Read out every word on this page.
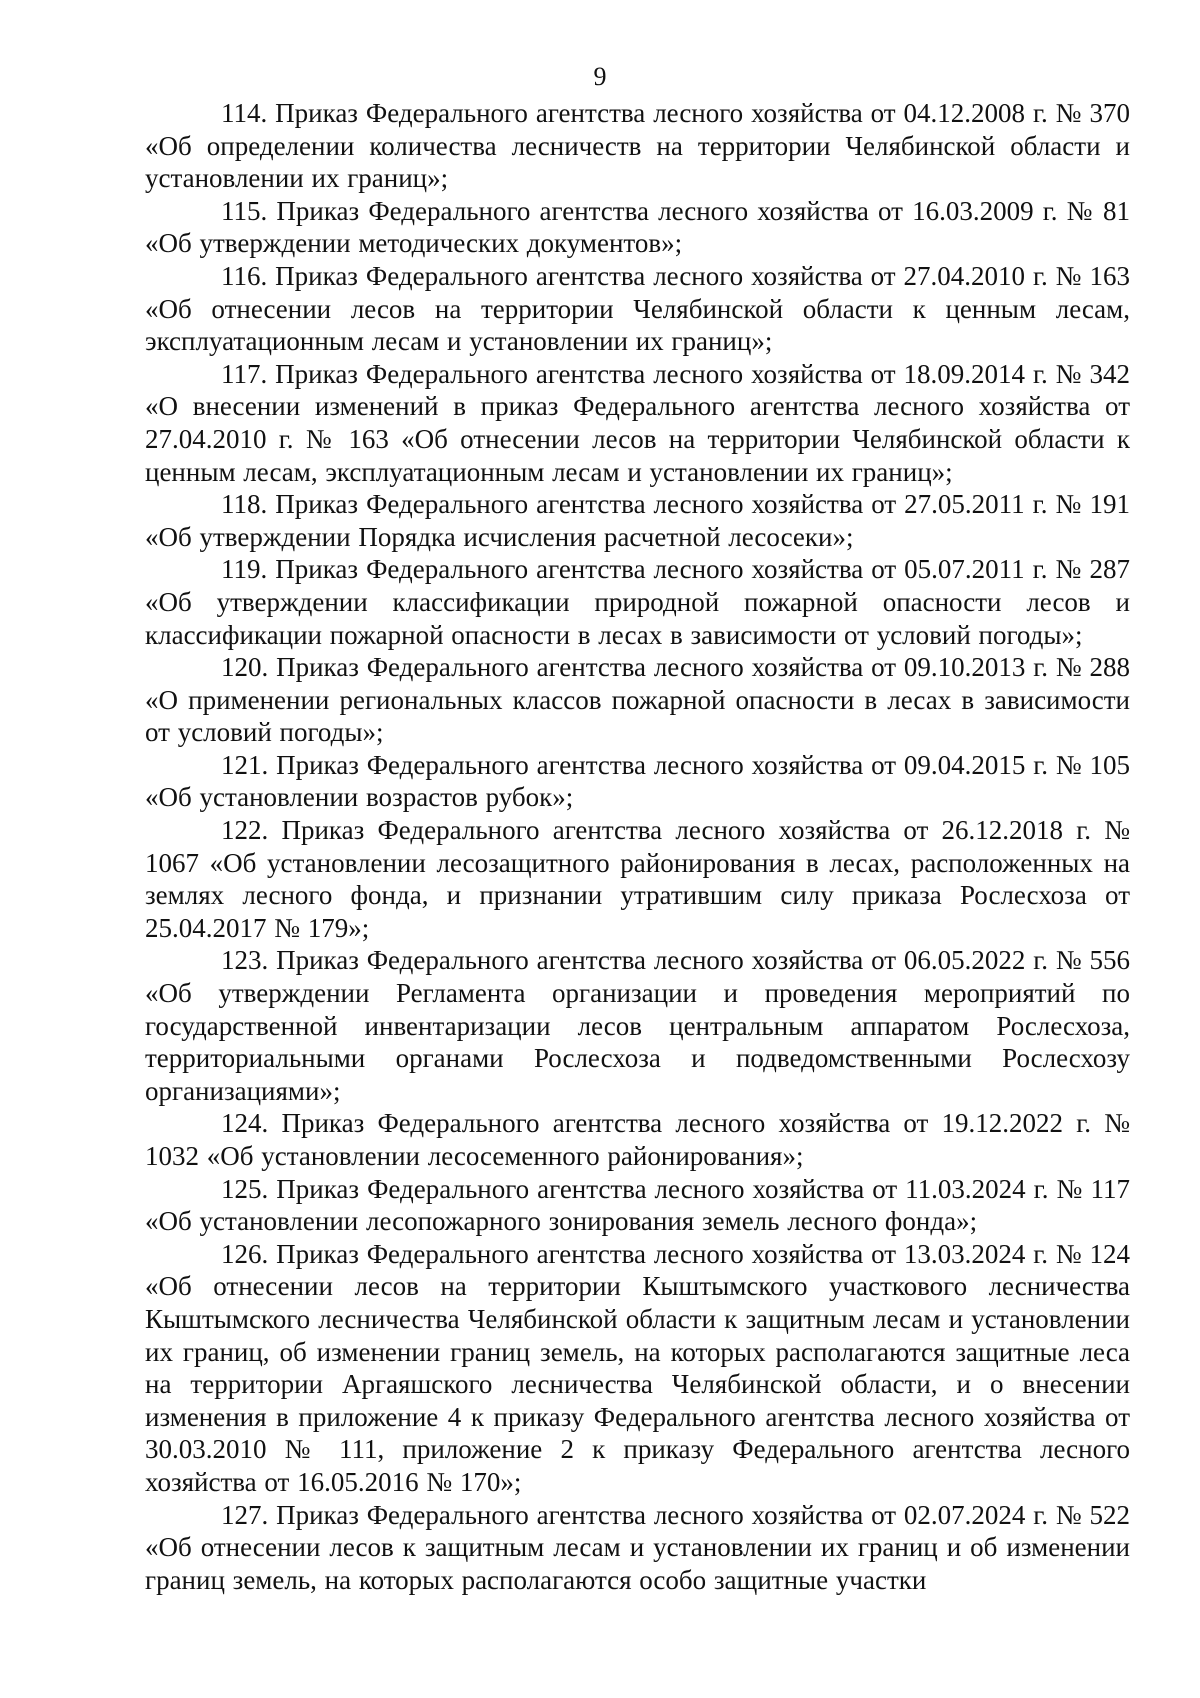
9

114. Приказ Федерального агентства лесного хозяйства от 04.12.2008 г. № 370 «Об определении количества лесничеств на территории Челябинской области и установлении их границ»;

115. Приказ Федерального агентства лесного хозяйства от 16.03.2009 г. № 81 «Об утверждении методических документов»;

116. Приказ Федерального агентства лесного хозяйства от 27.04.2010 г. № 163 «Об отнесении лесов на территории Челябинской области к ценным лесам, эксплуатационным лесам и установлении их границ»;

117. Приказ Федерального агентства лесного хозяйства от 18.09.2014 г. № 342 «О внесении изменений в приказ Федерального агентства лесного хозяйства от 27.04.2010 г. № 163 «Об отнесении лесов на территории Челябинской области к ценным лесам, эксплуатационным лесам и установлении их границ»;

118. Приказ Федерального агентства лесного хозяйства от 27.05.2011 г. № 191 «Об утверждении Порядка исчисления расчетной лесосеки»;

119. Приказ Федерального агентства лесного хозяйства от 05.07.2011 г. № 287 «Об утверждении классификации природной пожарной опасности лесов и классификации пожарной опасности в лесах в зависимости от условий погоды»;

120. Приказ Федерального агентства лесного хозяйства от 09.10.2013 г. № 288 «О применении региональных классов пожарной опасности в лесах в зависимости от условий погоды»;

121. Приказ Федерального агентства лесного хозяйства от 09.04.2015 г. № 105 «Об установлении возрастов рубок»;

122. Приказ Федерального агентства лесного хозяйства от 26.12.2018 г. № 1067 «Об установлении лесозащитного районирования в лесах, расположенных на землях лесного фонда, и признании утратившим силу приказа Рослесхоза от 25.04.2017 № 179»;

123. Приказ Федерального агентства лесного хозяйства от 06.05.2022 г. № 556 «Об утверждении Регламента организации и проведения мероприятий по государственной инвентаризации лесов центральным аппаратом Рослесхоза, территориальными органами Рослесхоза и подведомственными Рослесхозу организациями»;

124. Приказ Федерального агентства лесного хозяйства от 19.12.2022 г. № 1032 «Об установлении лесосеменного районирования»;

125. Приказ Федерального агентства лесного хозяйства от 11.03.2024 г. № 117 «Об установлении лесопожарного зонирования земель лесного фонда»;

126. Приказ Федерального агентства лесного хозяйства от 13.03.2024 г. № 124 «Об отнесении лесов на территории Кыштымского участкового лесничества Кыштымского лесничества Челябинской области к защитным лесам и установлении их границ, об изменении границ земель, на которых располагаются защитные леса на территории Аргаяшского лесничества Челябинской области, и о внесении изменения в приложение 4 к приказу Федерального агентства лесного хозяйства от 30.03.2010 № 111, приложение 2 к приказу Федерального агентства лесного хозяйства от 16.05.2016 № 170»;

127. Приказ Федерального агентства лесного хозяйства от 02.07.2024 г. № 522 «Об отнесении лесов к защитным лесам и установлении их границ и об изменении границ земель, на которых располагаются особо защитные участки
